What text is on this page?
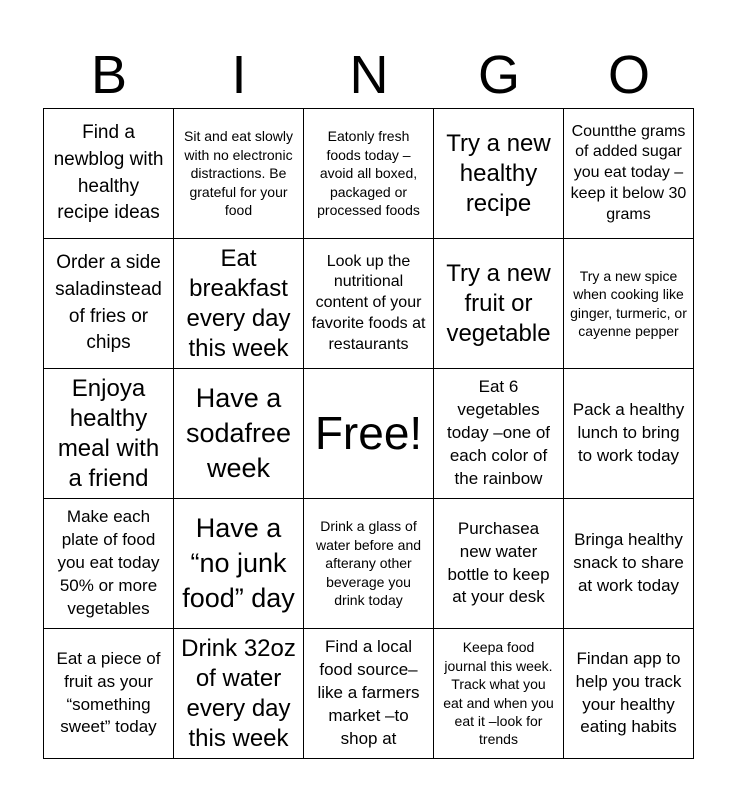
B	I	N	G	O
Find a newblog with healthy recipe ideas	Sit and eat slowly with no electronic distractions. Be grateful for your food	Eatonly fresh foods today – avoid all boxed, packaged or processed foods	Try a new healthy recipe	Countthe grams of added sugar you eat today –keep it below 30 grams
Order a side saladinstead of fries or chips	Eat breakfast every day this week	Look up the nutritional content of your favorite foods at restaurants	Try a new fruit or vegetable	Try a new spice when cooking like ginger, turmeric, or cayenne pepper
Enjoya healthy meal with a friend	Have a sodafree week	Free!	Eat 6 vegetables today –one of each color of the rainbow	Pack a healthy lunch to bring to work today
Make each plate of food you eat today 50% or more vegetables	Have a “no junk food” day	Drink a glass of water before and afterany other beverage you drink today	Purchasea new water bottle to keep at your desk	Bringa healthy snack to share at work today
Eat a piece of fruit as your “something sweet” today	Drink 32oz of water every day this week	Find a local food source–like a farmers market –to shop at	Keepa food journal this week. Track what you eat and when you eat it –look for trends	Findan app to help you track your healthy eating habits
